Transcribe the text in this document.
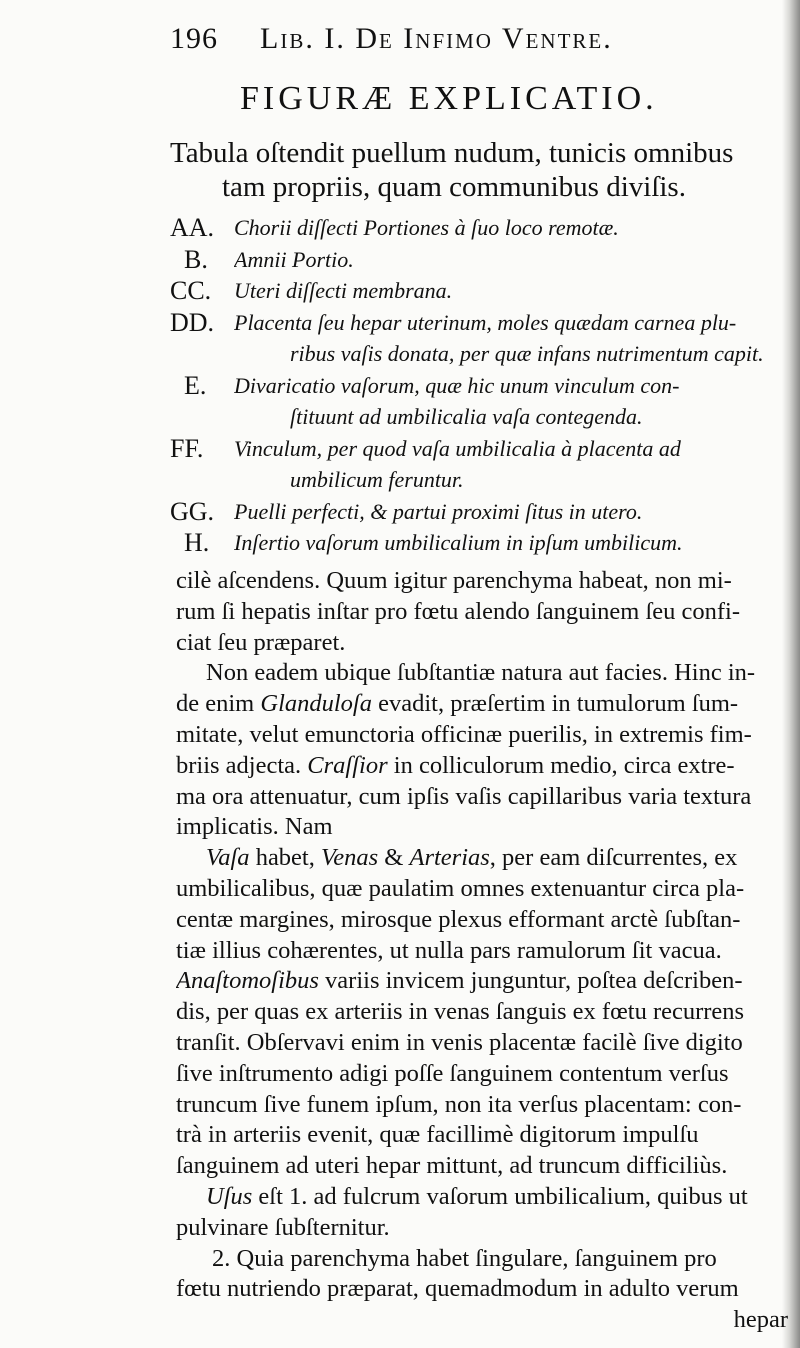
196 Lib. I. De Infimo Ventre.
FIGURÆ EXPLICATIO.
Tabula oſtendit puellum nudum, tunicis omnibus
tam propriis, quam communibus diviſis.
AA. Chorii diſſecti Portiones à ſuo loco remotæ.
B.	Amnii Portio.
CC.	Uteri diſſecti membrana.
DD. Placenta ſeu hepar uterinum, moles quædam carnea plu-
ribus vaſis donata, per quæ infans nutrimentum capit.
E.	Divaricatio vaſorum, quæ hic unum vinculum con-
ſtituunt ad umbilicalia vaſa contegenda.
FF.	Vinculum, per quod vaſa umbilicalia à placenta ad
umbilicum feruntur.
GG. Puelli perfecti, & partui proximi ſitus in utero.
H.	Inſertio vaſorum umbilicalium in ipſum umbilicum.
cilè aſcendens. Quum igitur parenchyma habeat, non mi-
rum ſi hepatis inſtar pro fœtu alendo ſanguinem ſeu confi-
ciat ſeu præparet.
Non eadem ubique ſubſtantiæ natura aut facies. Hinc in-
de enim Glanduloſa evadit, præſertim in tumulorum ſum-
mitate, velut emunctoria officinæ puerilis, in extremis fim-
briis adjecta. Craſſior in colliculorum medio, circa extre-
ma ora attenuatur, cum ipſis vaſis capillaribus varia textura
implicatis. Nam
Vaſa habet, Venas & Arterias, per eam diſcurrentes, ex
umbilicalibus, quæ paulatim omnes extenuantur circa pla-
centæ margines, mirosque plexus efformant arctè ſubſtan-
tiæ illius cohærentes, ut nulla pars ramulorum ſit vacua.
Anaſtomoſibus variis invicem junguntur, poſtea deſcriben-
dis, per quas ex arteriis in venas ſanguis ex fœtu recurrens
tranſit. Obſervavi enim in venis placentæ facilè ſive digito
ſive inſtrumento adigi poſſe ſanguinem contentum verſus
truncum ſive funem ipſum, non ita verſus placentam: con-
trà in arteriis evenit, quæ facillimè digitorum impulſu
ſanguinem ad uteri hepar mittunt, ad truncum difficiliùs.
Uſus eſt 1. ad fulcrum vaſorum umbilicalium, quibus ut
pulvinare ſubſternitur.
2. Quia parenchyma habet ſingulare, ſanguinem pro
fœtu nutriendo præparat, quemadmodum in adulto verum
hepar
